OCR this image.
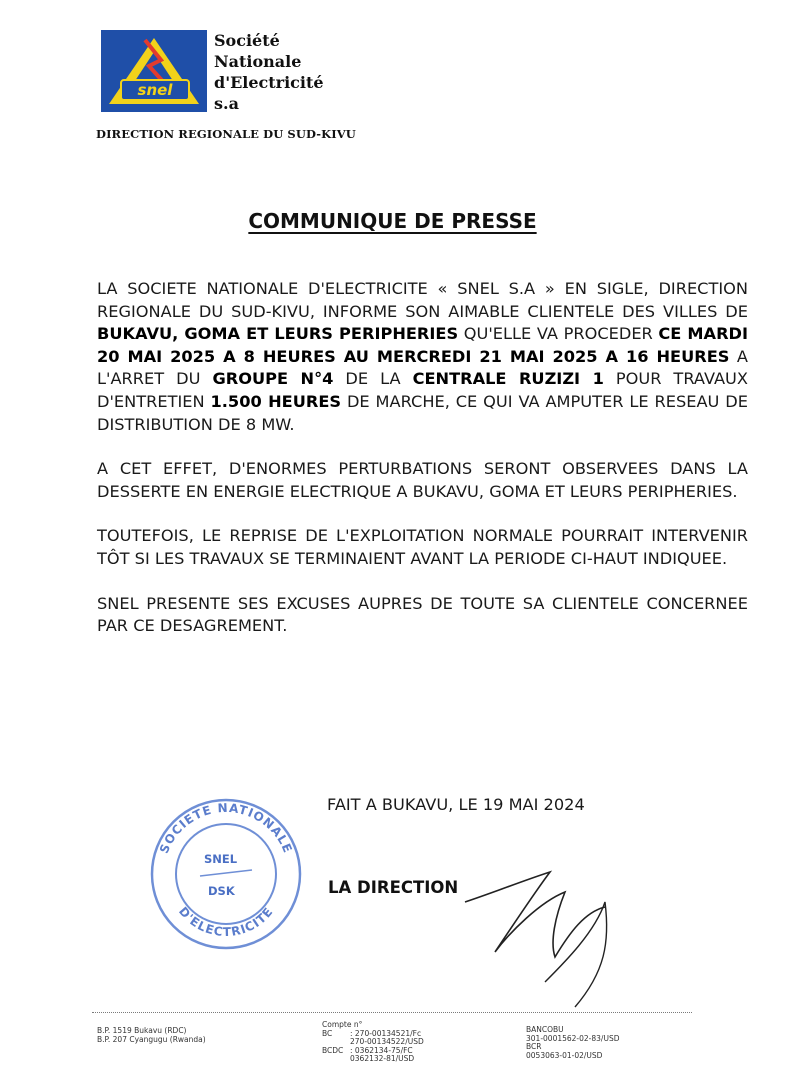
snel
Société
Nationale
d'Electricité
s.a
DIRECTION REGIONALE DU SUD-KIVU
COMMUNIQUE DE PRESSE

LA SOCIETE NATIONALE D'ELECTRICITE « SNEL S.A » EN SIGLE, DIRECTION REGIONALE DU SUD-KIVU, INFORME SON AIMABLE CLIENTELE DES VILLES DE BUKAVU, GOMA ET LEURS PERIPHERIES QU'ELLE VA PROCEDER CE MARDI 20 MAI 2025 A 8 HEURES AU MERCREDI 21 MAI 2025 A 16 HEURES A L'ARRET DU GROUPE N°4 DE LA CENTRALE RUZIZI 1 POUR TRAVAUX D'ENTRETIEN 1.500 HEURES DE MARCHE, CE QUI VA AMPUTER LE RESEAU DE DISTRIBUTION DE 8 MW.

A CET EFFET, D'ENORMES PERTURBATIONS SERONT OBSERVEES DANS LA DESSERTE EN ENERGIE ELECTRIQUE A BUKAVU, GOMA ET LEURS PERIPHERIES.

TOUTEFOIS, LE REPRISE DE L'EXPLOITATION NORMALE POURRAIT INTERVENIR TÔT SI LES TRAVAUX SE TERMINAIENT AVANT LA PERIODE CI-HAUT INDIQUEE.

SNEL PRESENTE SES EXCUSES AUPRES DE TOUTE SA CLIENTELE CONCERNEE PAR CE DESAGREMENT.

FAIT A BUKAVU, LE 19 MAI 2024
SOCIETE NATIONALE
D'ELECTRICITE
SNEL
DSK	LA DIRECTION
B.P. 1519 Bukavu (RDC)
B.P. 207 Cyangugu (Rwanda)
Compte n°
BC	: 270-00134521/Fc
270-00134522/USD
BCDC : 0362134-75/FC
0362132-81/USD
BANCOBU
301-0001562-02-83/USD
BCR
0053063-01-02/USD
